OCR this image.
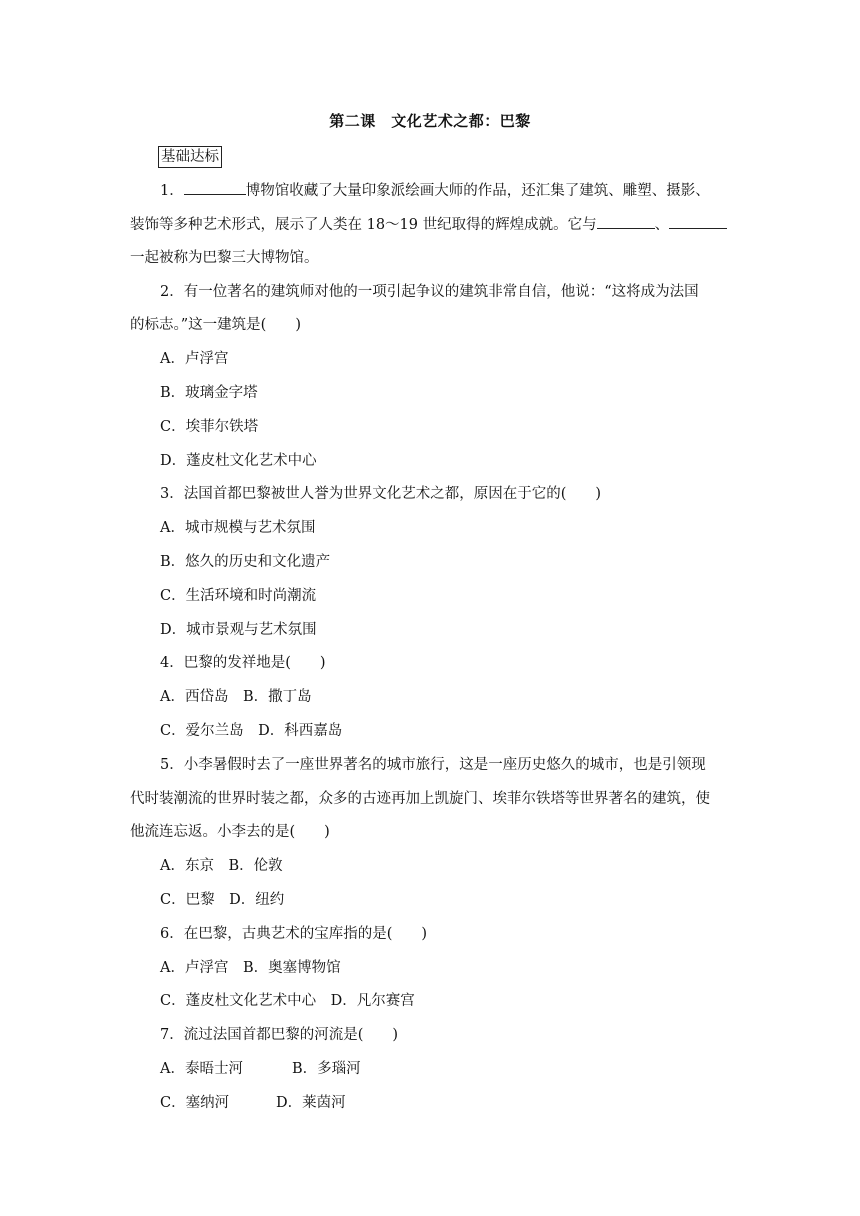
第二课　文化艺术之都：巴黎
基础达标
1．	博物馆收藏了大量印象派绘画大师的作品，还汇集了建筑、雕塑、摄影、
装饰等多种艺术形式，展示了人类在 18～19 世纪取得的辉煌成就。它与	、
一起被称为巴黎三大博物馆。
2．有一位著名的建筑师对他的一项引起争议的建筑非常自信，他说：“这将成为法国
的标志。”这一建筑是(　　)
A．卢浮宫
B．玻璃金字塔
C．埃菲尔铁塔
D．蓬皮杜文化艺术中心
3．法国首都巴黎被世人誉为世界文化艺术之都，原因在于它的(　　)
A．城市规模与艺术氛围
B．悠久的历史和文化遗产
C．生活环境和时尚潮流
D．城市景观与艺术氛围
4．巴黎的发祥地是(　　)
A．西岱岛　B．撒丁岛
C．爱尔兰岛　D．科西嘉岛
5．小李暑假时去了一座世界著名的城市旅行，这是一座历史悠久的城市，也是引领现
代时装潮流的世界时装之都，众多的古迹再加上凯旋门、埃菲尔铁塔等世界著名的建筑，使
他流连忘返。小李去的是(　　)
A．东京　B．伦敦
C．巴黎　D．纽约
6．在巴黎，古典艺术的宝库指的是(　　)
A．卢浮宫　B．奥塞博物馆
C．蓬皮杜文化艺术中心　D．凡尔赛宫
7．流过法国首都巴黎的河流是(　　)
A．泰晤士河	B．多瑙河
C．塞纳河	D．莱茵河
